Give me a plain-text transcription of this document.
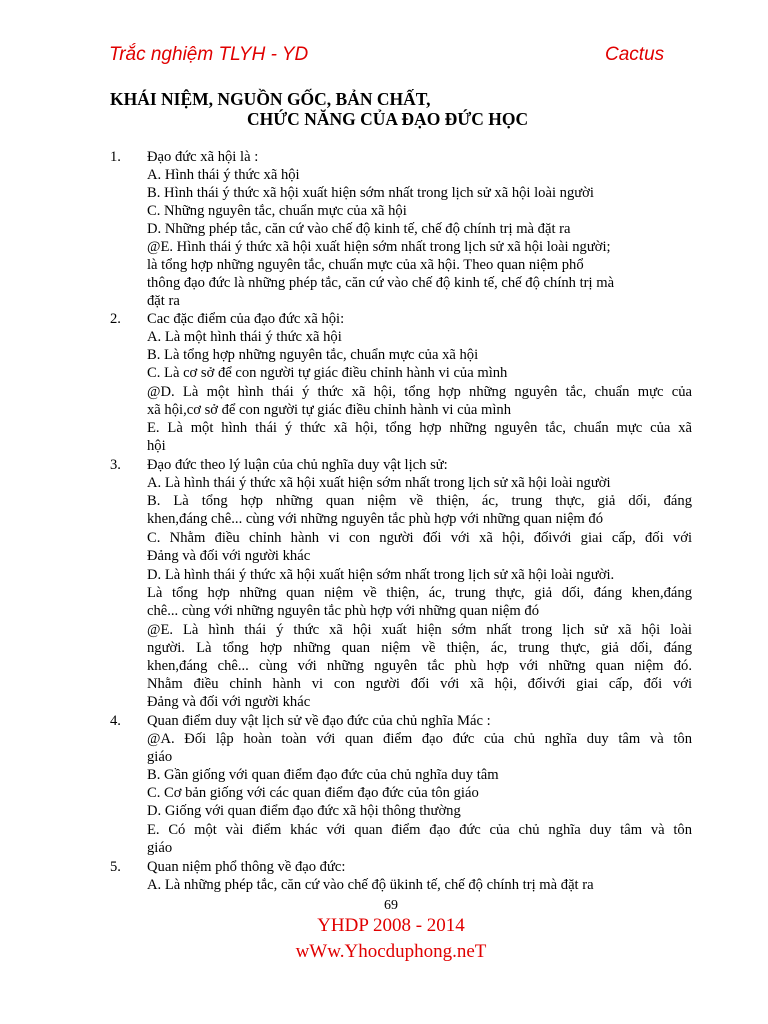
Trắc nghiệm TLYH - YD	Cactus
KHÁI NIỆM, NGUỒN GỐC, BẢN CHẤT,
CHỨC NĂNG CỦA ĐẠO ĐỨC HỌC
1. Đạo đức xã hội là :
A. Hình thái ý thức xã hội
B. Hình thái ý thức xã hội xuất hiện sớm nhất trong lịch sử xã hội loài người
C. Những nguyên tắc, chuẩn mực của xã hội
D. Những phép tắc, căn cứ vào chế độ kinh tế, chế độ chính trị mà đặt ra
@E. Hình thái ý thức xã hội xuất hiện sớm nhất trong lịch sử xã hội loài người;
là tổng hợp những nguyên tắc, chuẩn mực của xã hội. Theo quan niệm phổ
thông đạo đức là những phép tắc, căn cứ vào chế độ kinh tế, chế độ chính trị mà
đặt ra
2. Cac đặc điểm của đạo đức xã hội:
A. Là một hình thái ý thức xã hội
B. Là tổng hợp những nguyên tắc, chuẩn mực của xã hội
C. Là cơ sở để con người tự giác điều chỉnh hành vi của mình
@D. Là một hình thái ý thức xã hội, tổng hợp những nguyên tắc, chuẩn mực của
xã hội,cơ sở để con người tự giác điều chỉnh hành vi của mình
E. Là một hình thái ý thức xã hội, tổng hợp những nguyên tắc, chuẩn mực của xã
hội
3. Đạo đức theo lý luận của chủ nghĩa duy vật lịch sử:
A. Là hình thái ý thức xã hội xuất hiện sớm nhất trong lịch sử xã hội loài người
B. Là tổng hợp những quan niệm về thiện, ác, trung thực, giả dối, đáng
khen,đáng chê... cùng với những nguyên tắc phù hợp với những quan niệm đó
C. Nhằm điều chỉnh hành vi con người đối với xã hội, đốivới giai cấp, đối với
Đảng và đối với người khác
D. Là hình thái ý thức xã hội xuất hiện sớm nhất trong lịch sử xã hội loài người.
Là tổng hợp những quan niệm về thiện, ác, trung thực, giả dối, đáng khen,đáng
chê... cùng với những nguyên tắc phù hợp với những quan niệm đó
@E. Là hình thái ý thức xã hội xuất hiện sớm nhất trong lịch sử xã hội loài
người. Là tổng hợp những quan niệm về thiện, ác, trung thực, giả dối, đáng
khen,đáng chê... cùng với những nguyên tắc phù hợp với những quan niệm đó.
Nhằm điều chỉnh hành vi con người đối với xã hội, đốivới giai cấp, đối với
Đảng và đối với người khác
4. Quan điểm duy vật lịch sử về đạo đức của chủ nghĩa Mác :
@A. Đối lập hoàn toàn với quan điểm đạo đức của chủ nghĩa duy tâm và tôn
giáo
B. Gần giống với quan điểm đạo đức của chủ nghĩa duy tâm
C. Cơ bản giống với các quan điểm đạo đức của tôn giáo
D. Giống với quan điểm đạo đức xã hội thông thường
E. Có một vài điểm khác với quan điểm đạo đức của chủ nghĩa duy tâm và tôn
giáo
5. Quan niệm phổ thông về đạo đức:
A. Là những phép tắc, căn cứ vào chế độ ükinh tế, chế độ chính trị mà đặt ra
69
YHDP 2008 - 2014
wWw.Yhocduphong.neT
